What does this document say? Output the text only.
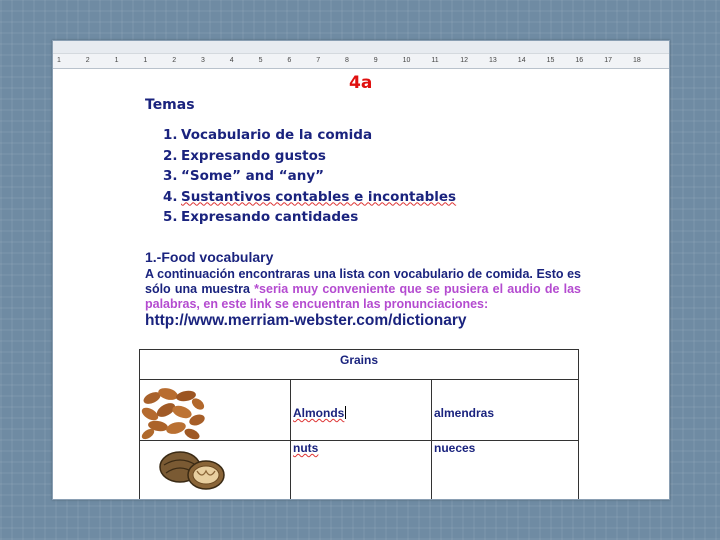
1	2	1	1	2	3	4	5	6	7	8	9	10	11	12	13	14	15	16	17	18
4a
Temas
1. Vocabulario de la comida
2. Expresando gustos
3. “Some” and “any”
4. Sustantivos contables e incontables
5. Expresando cantidades
1.-Food vocabulary
A continuación encontraras una lista con vocabulario de comida. Esto es sólo una muestra *seria muy conveniente que se pusiera el audio de las palabras, en este link se encuentran las pronunciaciones:
http://www.merriam-webster.com/dictionary
Grains		

Almonds	almendras

nuts	nueces
